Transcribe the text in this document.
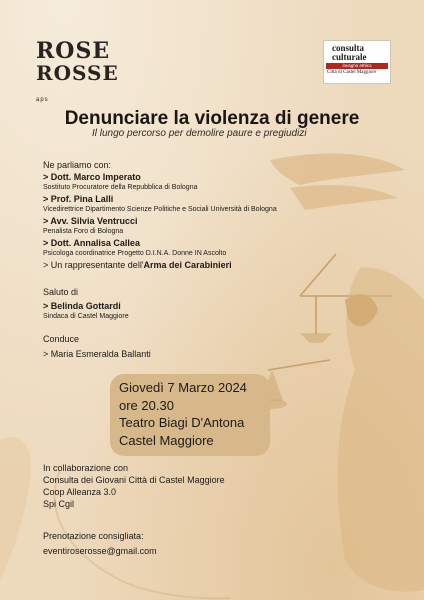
ROSE
ROSSE aps
consulta
culturale
lavagna ethica
Città di Castel Maggiore
Denunciare la violenza di genere
Il lungo percorso per demolire paure e pregiudizi
Ne parliamo con:
> Dott. Marco Imperato
Sostituto Procuratore della Repubblica di Bologna
> Prof. Pina Lalli
Vicedirettrice Dipartimento Scienze Politiche e Sociali Università di Bologna
> Avv. Silvia Ventrucci
Penalista Foro di Bologna
> Dott. Annalisa Callea
Psicologa coordinatrice Progetto D.I.N.A. Donne IN Ascolto
> Un rappresentante dell'Arma dei Carabinieri
Saluto di
> Belinda Gottardi
Sindaca di Castel Maggiore
Conduce
> Maria Esmeralda Ballanti
Giovedì 7 Marzo 2024
ore 20.30
Teatro Biagi D'Antona
Castel Maggiore
In collaborazione con
Consulta dei Giovani Città di Castel Maggiore
Coop Alleanza 3.0
Spi Cgil
Prenotazione consigliata:
eventiroserosse@gmail.com
